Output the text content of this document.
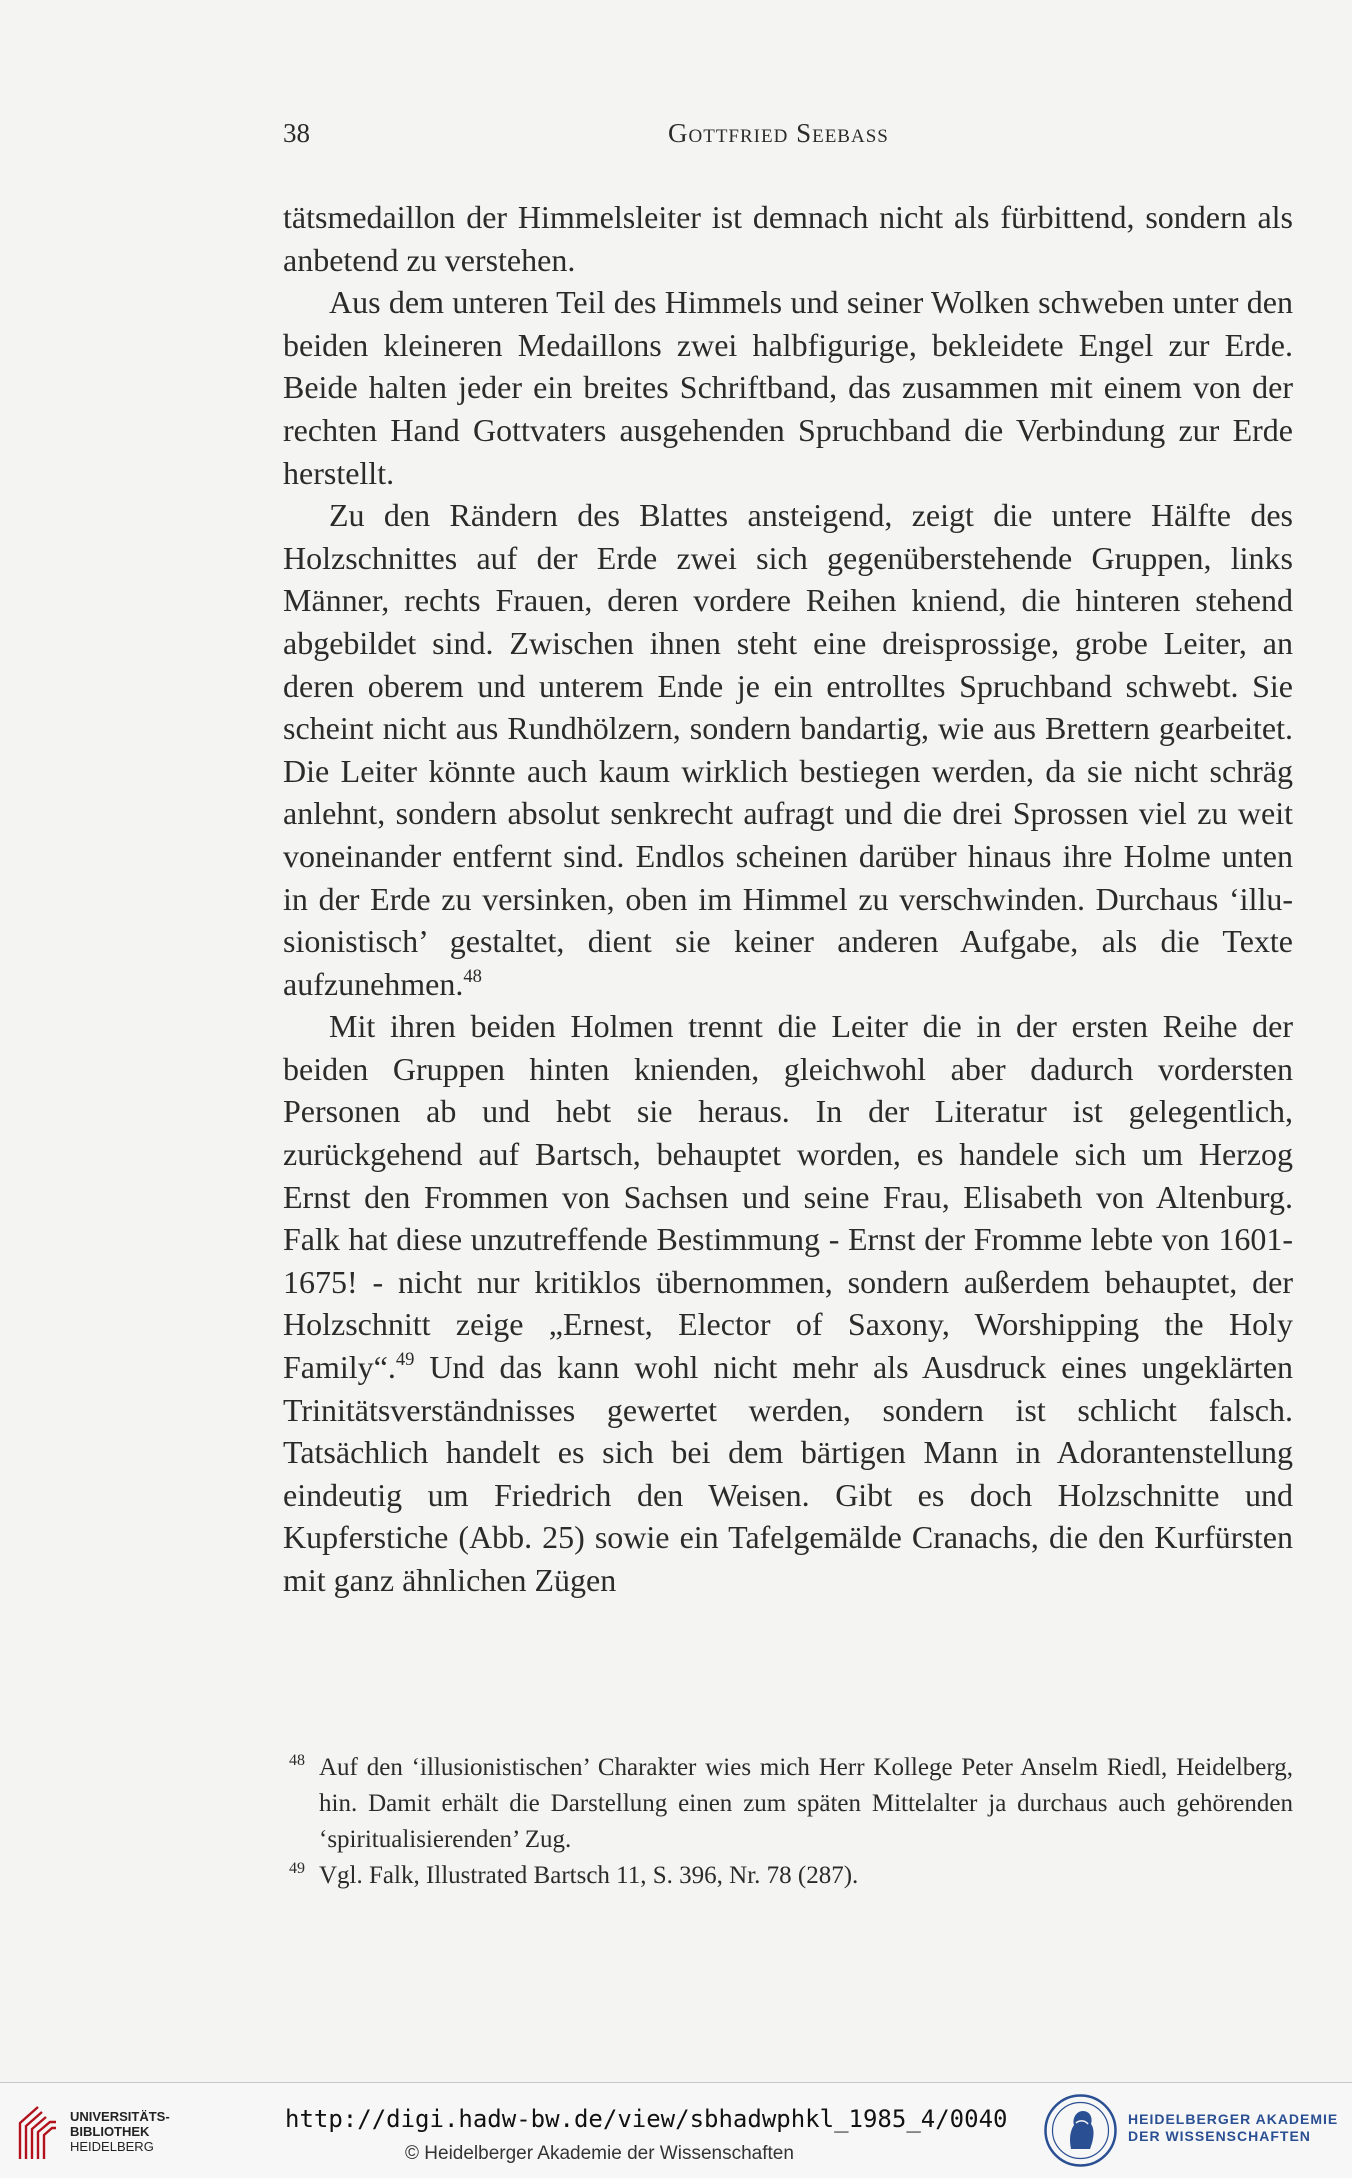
38	Gottfried Seebass

tätsmedaillon der Himmelsleiter ist demnach nicht als fürbittend, sondern als anbetend zu verstehen.

Aus dem unteren Teil des Himmels und seiner Wolken schweben unter den beiden kleineren Medaillons zwei halbfigurige, bekleidete Engel zur Erde. Beide halten jeder ein breites Schriftband, das zusammen mit einem von der rechten Hand Gottvaters ausgehenden Spruchband die Verbindung zur Erde herstellt.

Zu den Rändern des Blattes ansteigend, zeigt die untere Hälfte des Holzschnittes auf der Erde zwei sich gegenüberstehende Gruppen, links Männer, rechts Frauen, deren vordere Reihen kniend, die hinteren stehend abgebildet sind. Zwischen ihnen steht eine dreisprossige, grobe Leiter, an deren oberem und unterem Ende je ein entrolltes Spruchband schwebt. Sie scheint nicht aus Rundhölzern, sondern bandartig, wie aus Brettern gearbeitet. Die Leiter könnte auch kaum wirklich bestiegen werden, da sie nicht schräg anlehnt, sondern absolut senkrecht aufragt und die drei Sprossen viel zu weit voneinander entfernt sind. Endlos scheinen darüber hinaus ihre Holme unten in der Erde zu versinken, oben im Himmel zu verschwinden. Durchaus ‘illusionistisch’ gestaltet, dient sie keiner anderen Aufgabe, als die Texte aufzunehmen.$^{48}$

Mit ihren beiden Holmen trennt die Leiter die in der ersten Reihe der beiden Gruppen hinten knienden, gleichwohl aber dadurch vordersten Personen ab und hebt sie heraus. In der Literatur ist gelegentlich, zurückgehend auf Bartsch, behauptet worden, es handele sich um Herzog Ernst den Frommen von Sachsen und seine Frau, Elisabeth von Altenburg. Falk hat diese unzutreffende Bestimmung - Ernst der Fromme lebte von 1601-1675! - nicht nur kritiklos übernommen, sondern außerdem behauptet, der Holzschnitt zeige „Ernest, Elector of Saxony, Worshipping the Holy Family“.$^{49}$ Und das kann wohl nicht mehr als Ausdruck eines ungeklärten Trinitätsverständnisses gewertet werden, sondern ist schlicht falsch. Tatsächlich handelt es sich bei dem bärtigen Mann in Adorantenstellung eindeutig um Friedrich den Weisen. Gibt es doch Holzschnitte und Kupferstiche (Abb. 25) sowie ein Tafelgemälde Cranachs, die den Kurfürsten mit ganz ähnlichen Zügen

48 Auf den ‘illusionistischen’ Charakter wies mich Herr Kollege Peter Anselm Riedl, Heidelberg, hin. Damit erhält die Darstellung einen zum späten Mittelalter ja durchaus auch gehörenden ‘spiritualisierenden’ Zug.
49 Vgl. Falk, Illustrated Bartsch 11, S. 396, Nr. 78 (287).
UNIVERSITÄTS-
BIBLIOTHEK
HEIDELBERG
http://digi.hadw-bw.de/view/sbhadwphkl_1985_4/0040
© Heidelberger Akademie der Wissenschaften
HEIDELBERGER AKADEMIE
DER WISSENSCHAFTEN
